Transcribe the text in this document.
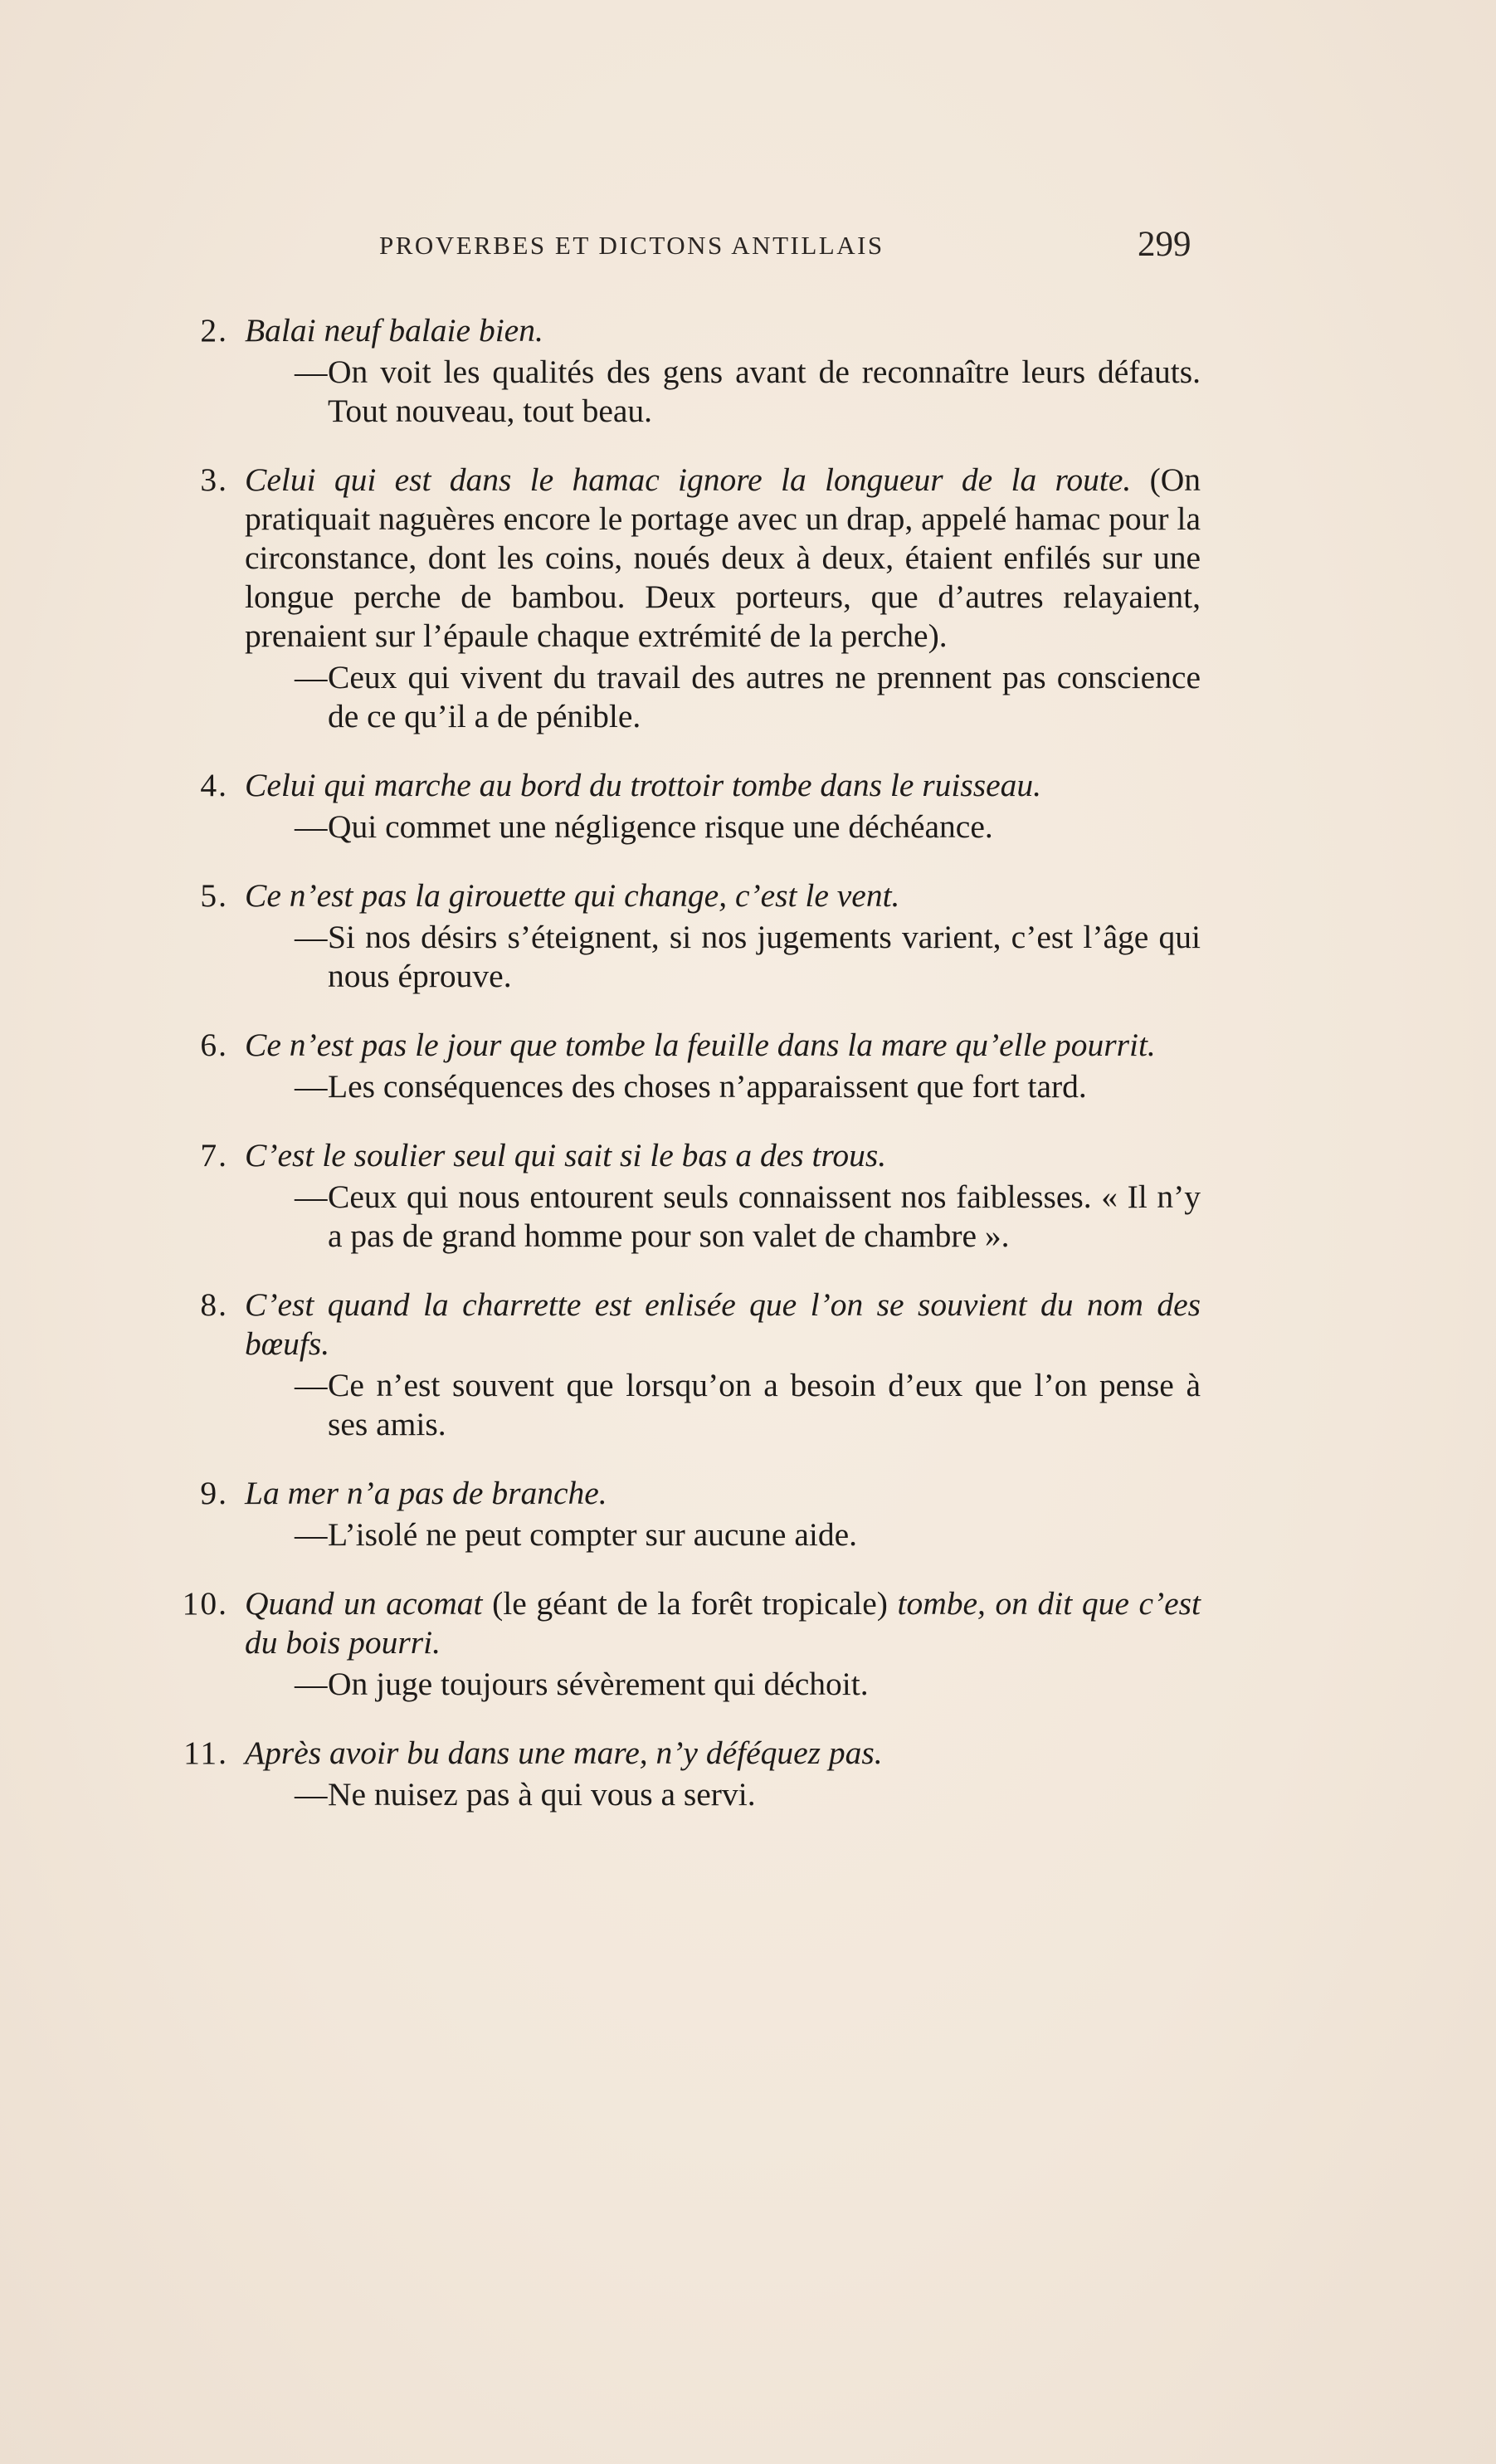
PROVERBES ET DICTONS ANTILLAIS	299
2. Balai neuf balaie bien.
—On voit les qualités des gens avant de reconnaître leurs défauts. Tout nouveau, tout beau.
3. Celui qui est dans le hamac ignore la longueur de la route. (On pratiquait naguères encore le portage avec un drap, appelé hamac pour la circonstance, dont les coins, noués deux à deux, étaient enfilés sur une longue perche de bambou. Deux porteurs, que d’autres relayaient, prenaient sur l’épaule chaque extrémité de la perche).
—Ceux qui vivent du travail des autres ne prennent pas conscience de ce qu’il a de pénible.
4. Celui qui marche au bord du trottoir tombe dans le ruisseau.
—Qui commet une négligence risque une déchéance.
5. Ce n’est pas la girouette qui change, c’est le vent.
—Si nos désirs s’éteignent, si nos jugements varient, c’est l’âge qui nous éprouve.
6. Ce n’est pas le jour que tombe la feuille dans la mare qu’elle pourrit.
—Les conséquences des choses n’apparaissent que fort tard.
7. C’est le soulier seul qui sait si le bas a des trous.
—Ceux qui nous entourent seuls connaissent nos faiblesses. « Il n’y a pas de grand homme pour son valet de chambre ».
8. C’est quand la charrette est enlisée que l’on se souvient du nom des bœufs.
—Ce n’est souvent que lorsqu’on a besoin d’eux que l’on pense à ses amis.
9. La mer n’a pas de branche.
—L’isolé ne peut compter sur aucune aide.
10. Quand un acomat (le géant de la forêt tropicale) tombe, on dit que c’est du bois pourri.
—On juge toujours sévèrement qui déchoit.
11. Après avoir bu dans une mare, n’y déféquez pas.
—Ne nuisez pas à qui vous a servi.
